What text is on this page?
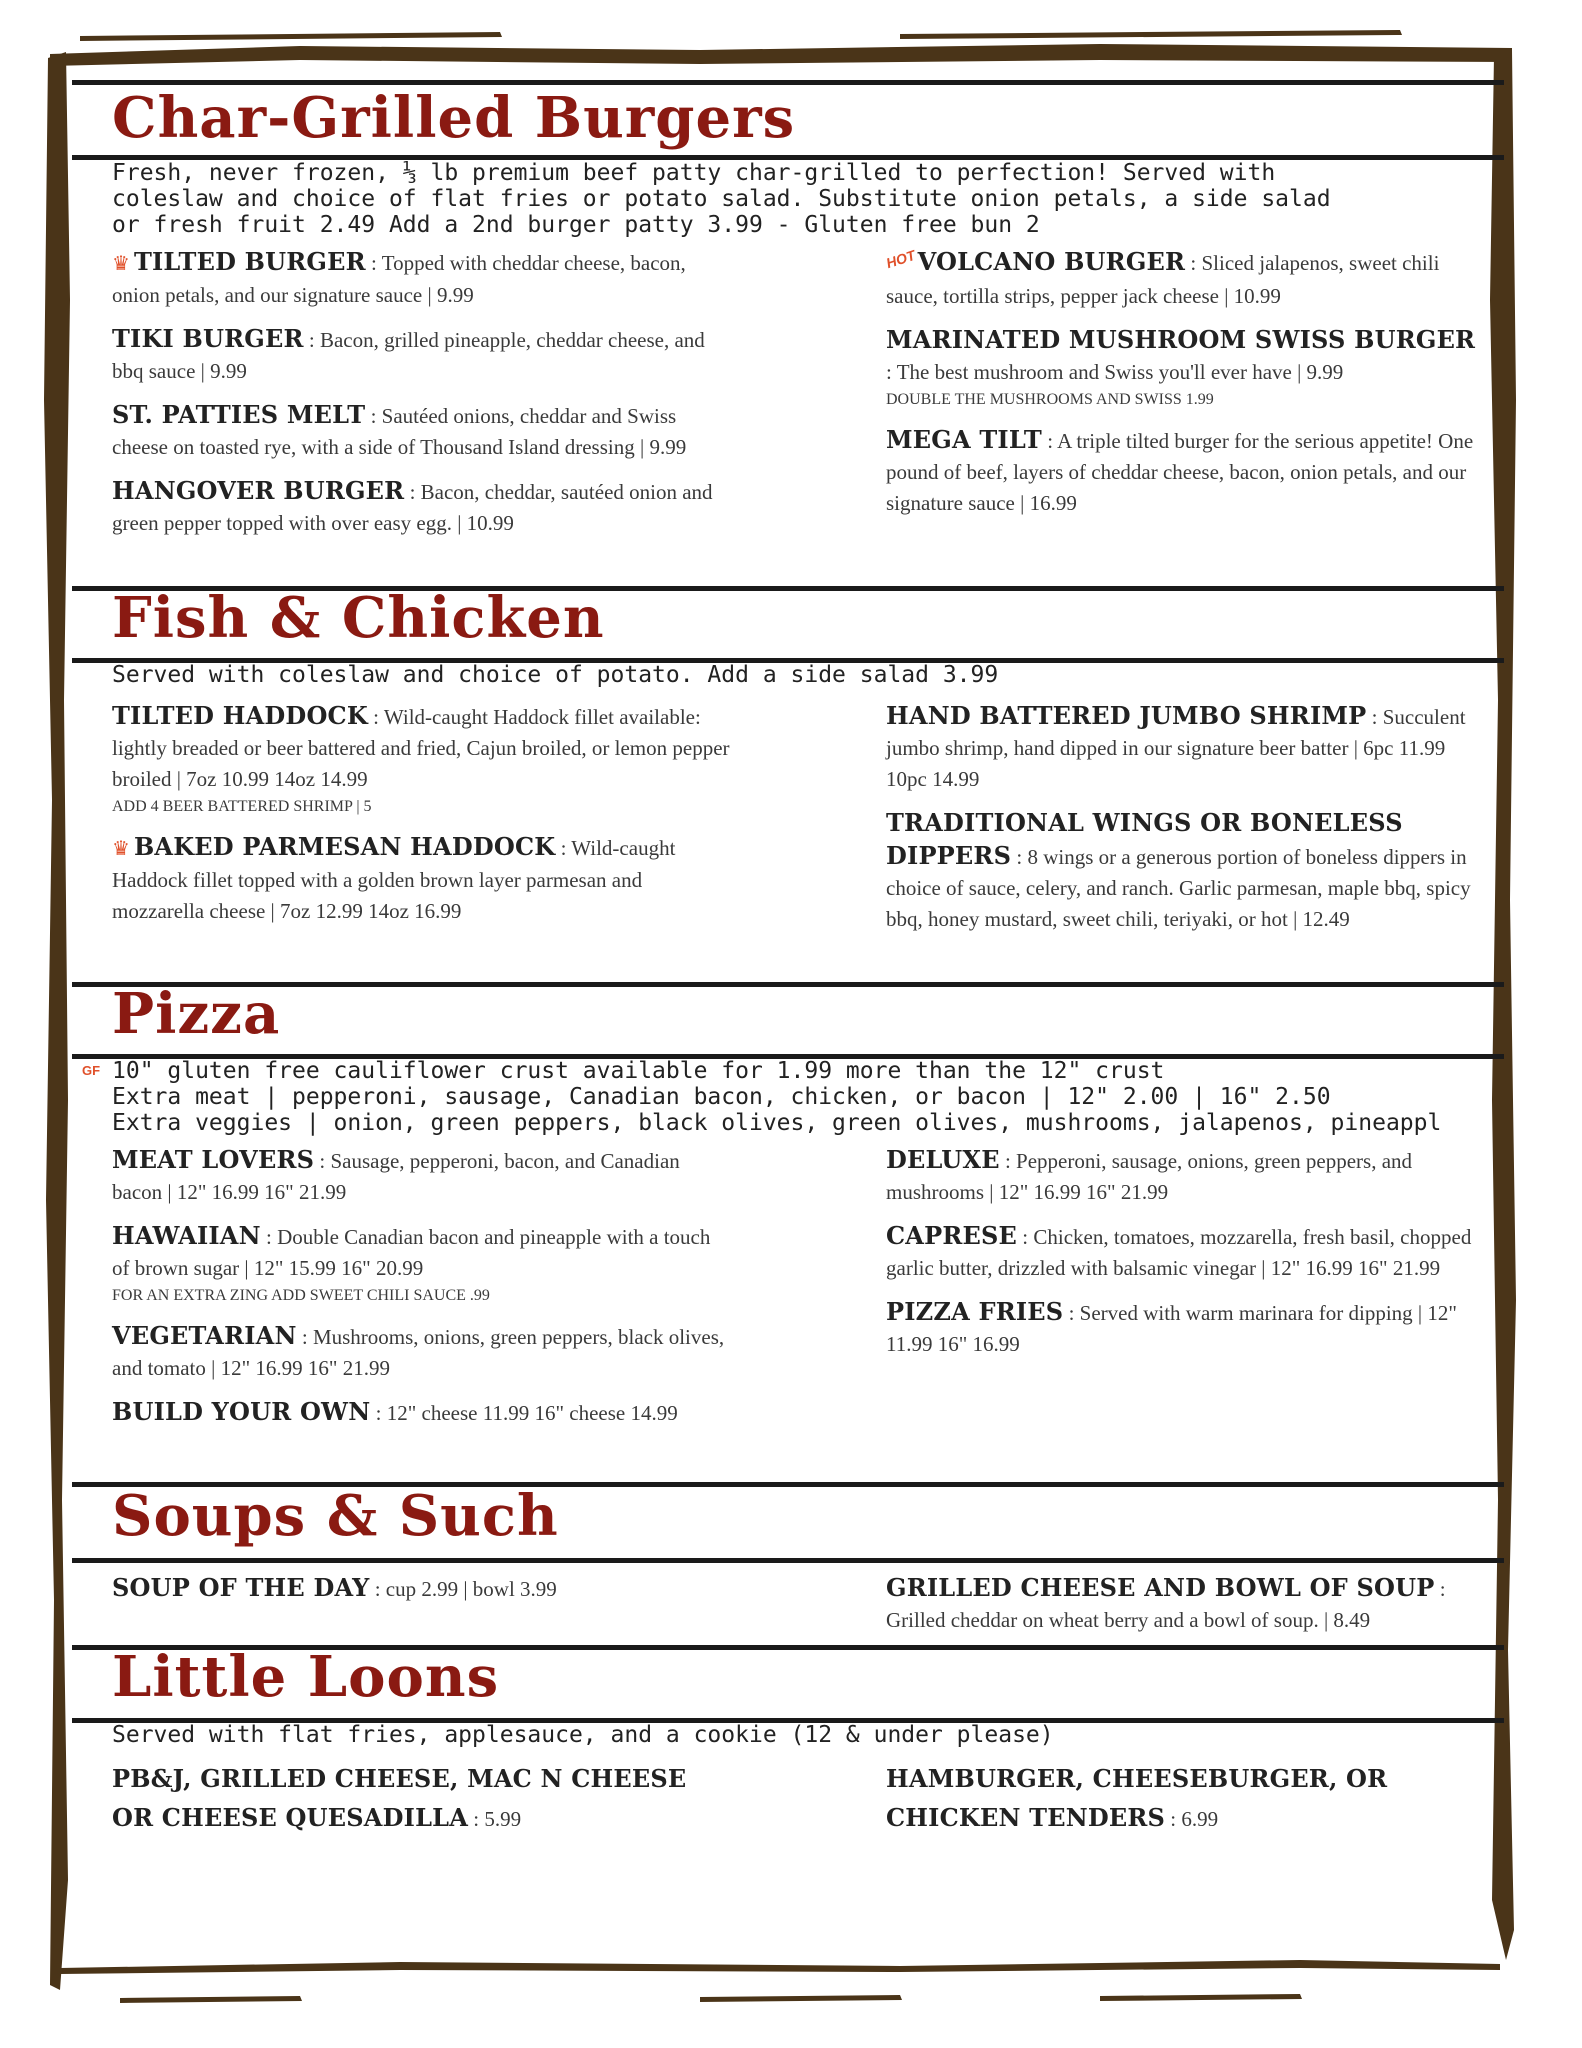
Char-Grilled Burgers
Fresh, never frozen, ⅓ lb premium beef patty char-grilled to perfection! Served with
coleslaw and choice of flat fries or potato salad. Substitute onion petals, a side salad
or fresh fruit 2.49 Add a 2nd burger patty 3.99 - Gluten free bun 2

♛ TILTED BURGER : Topped with cheddar cheese, bacon, onion petals, and our signature sauce | 9.99

TIKI BURGER : Bacon, grilled pineapple, cheddar cheese, and bbq sauce | 9.99

ST. PATTIES MELT : Sautéed onions, cheddar and Swiss cheese on toasted rye, with a side of Thousand Island dressing | 9.99

HANGOVER BURGER : Bacon, cheddar, sautéed onion and green pepper topped with over easy egg. | 10.99

HOTVOLCANO BURGER : Sliced jalapenos, sweet chili sauce, tortilla strips, pepper jack cheese | 10.99

MARINATED MUSHROOM SWISS BURGER : The best mushroom and Swiss you'll ever have | 9.99
DOUBLE THE MUSHROOMS AND SWISS 1.99

MEGA TILT : A triple tilted burger for the serious appetite! One pound of beef, layers of cheddar cheese, bacon, onion petals, and our signature sauce | 16.99

Fish & Chicken
Served with coleslaw and choice of potato. Add a side salad 3.99

TILTED HADDOCK : Wild-caught Haddock fillet available: lightly breaded or beer battered and fried, Cajun broiled, or lemon pepper broiled | 7oz 10.99 14oz 14.99
ADD 4 BEER BATTERED SHRIMP | 5

♛ BAKED PARMESAN HADDOCK : Wild-caught Haddock fillet topped with a golden brown layer parmesan and mozzarella cheese | 7oz 12.99 14oz 16.99

HAND BATTERED JUMBO SHRIMP : Succulent jumbo shrimp, hand dipped in our signature beer batter | 6pc 11.99 10pc 14.99

TRADITIONAL WINGS OR BONELESS DIPPERS : 8 wings or a generous portion of boneless dippers in choice of sauce, celery, and ranch. Garlic parmesan, maple bbq, spicy bbq, honey mustard, sweet chili, teriyaki, or hot | 12.49

Pizza
GF 10" gluten free cauliflower crust available for 1.99 more than the 12" crust
Extra meat | pepperoni, sausage, Canadian bacon, chicken, or bacon | 12" 2.00 | 16" 2.50
Extra veggies | onion, green peppers, black olives, green olives, mushrooms, jalapenos, pineappl

MEAT LOVERS : Sausage, pepperoni, bacon, and Canadian bacon | 12" 16.99 16" 21.99

HAWAIIAN : Double Canadian bacon and pineapple with a touch of brown sugar | 12" 15.99 16" 20.99
FOR AN EXTRA ZING ADD SWEET CHILI SAUCE .99

VEGETARIAN : Mushrooms, onions, green peppers, black olives, and tomato | 12" 16.99 16" 21.99

BUILD YOUR OWN : 12" cheese 11.99 16" cheese 14.99

DELUXE : Pepperoni, sausage, onions, green peppers, and mushrooms | 12" 16.99 16" 21.99

CAPRESE : Chicken, tomatoes, mozzarella, fresh basil, chopped garlic butter, drizzled with balsamic vinegar | 12" 16.99 16" 21.99

PIZZA FRIES : Served with warm marinara for dipping | 12" 11.99 16" 16.99

Soups & Such

SOUP OF THE DAY : cup 2.99 | bowl 3.99	GRILLED CHEESE AND BOWL OF SOUP : Grilled cheddar on wheat berry and a bowl of soup. | 8.49

Little Loons
Served with flat fries, applesauce, and a cookie (12 & under please)

PB&J, GRILLED CHEESE, MAC N CHEESE OR CHEESE QUESADILLA : 5.99

HAMBURGER, CHEESEBURGER, OR CHICKEN TENDERS : 6.99
